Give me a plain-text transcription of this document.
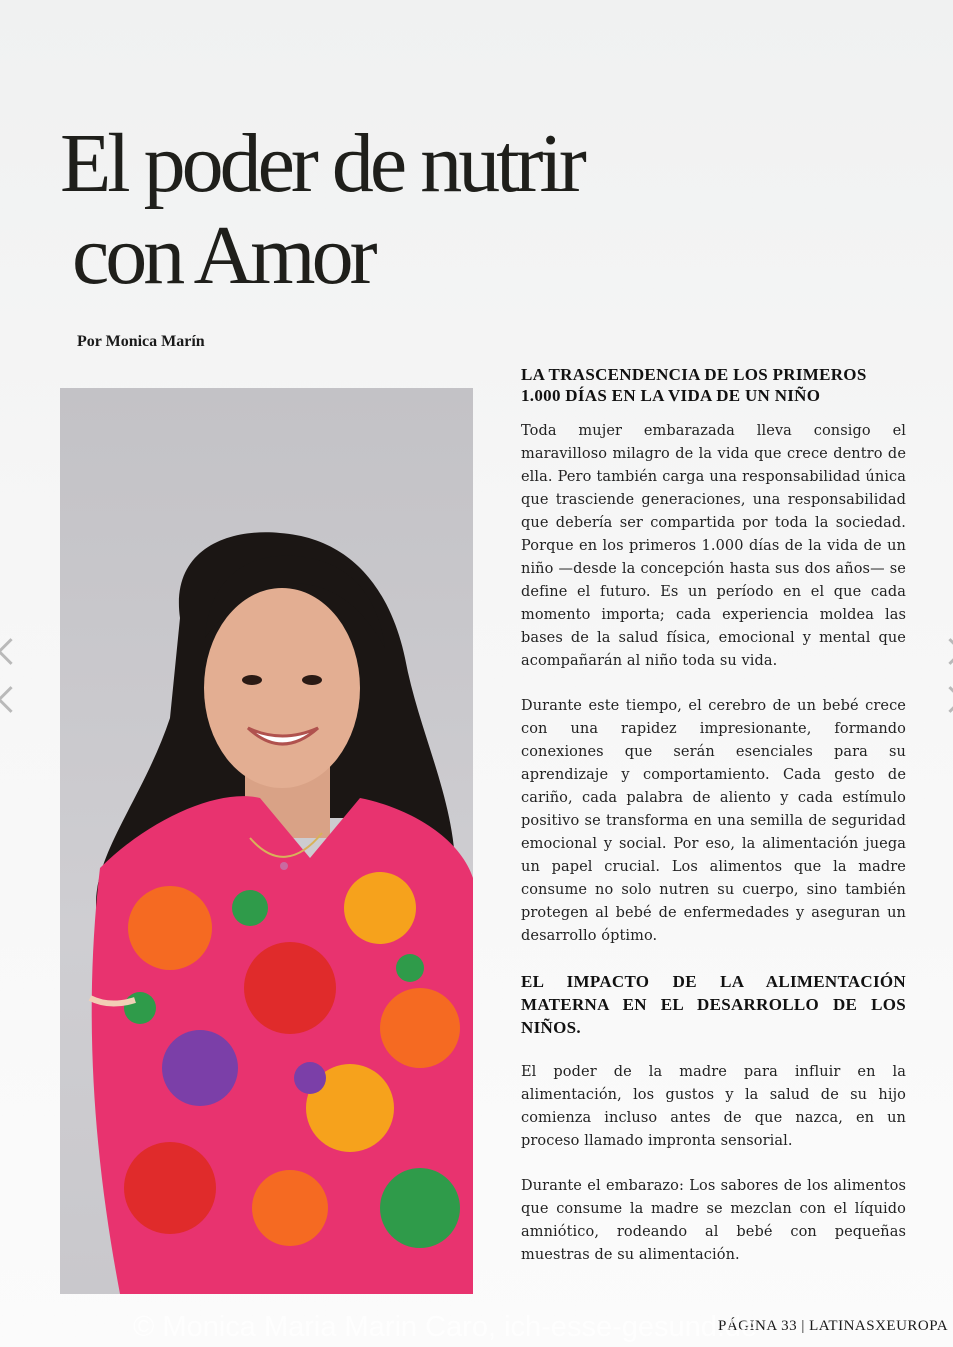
El poder de nutrir
con Amor

Por Monica Marín

LA TRASCENDENCIA DE LOS PRIMEROS 1.000 DÍAS EN LA VIDA DE UN NIÑO

Toda mujer embarazada lleva consigo el maravilloso milagro de la vida que crece dentro de ella. Pero también carga una responsabilidad única que trasciende generaciones, una responsabilidad que debería ser compartida por toda la sociedad. Porque en los primeros 1.000 días de la vida de un niño —desde la concepción hasta sus dos años— se define el futuro. Es un período en el que cada momento importa; cada experiencia moldea las bases de la salud física, emocional y mental que acompañarán al niño toda su vida.

Durante este tiempo, el cerebro de un bebé crece con una rapidez impresionante, formando conexiones que serán esenciales para su aprendizaje y comportamiento. Cada gesto de cariño, cada palabra de aliento y cada estímulo positivo se transforma en una semilla de seguridad emocional y social. Por eso, la alimentación juega un papel crucial. Los alimentos que la madre consume no solo nutren su cuerpo, sino también protegen al bebé de enfermedades y aseguran un desarrollo óptimo.

EL IMPACTO DE LA ALIMENTACIÓN MATERNA EN EL DESARROLLO DE LOS NIÑOS.

El poder de la madre para influir en la alimentación, los gustos y la salud de su hijo comienza incluso antes de que nazca, en un proceso llamado impronta sensorial.

Durante el embarazo: Los sabores de los alimentos que consume la madre se mezclan con el líquido amniótico, rodeando al bebé con pequeñas muestras de su alimentación.

PÁGINA 33 | LATINASXEUROPA

© Monica Maria Marin Caro, ich-esse-gesund.de
